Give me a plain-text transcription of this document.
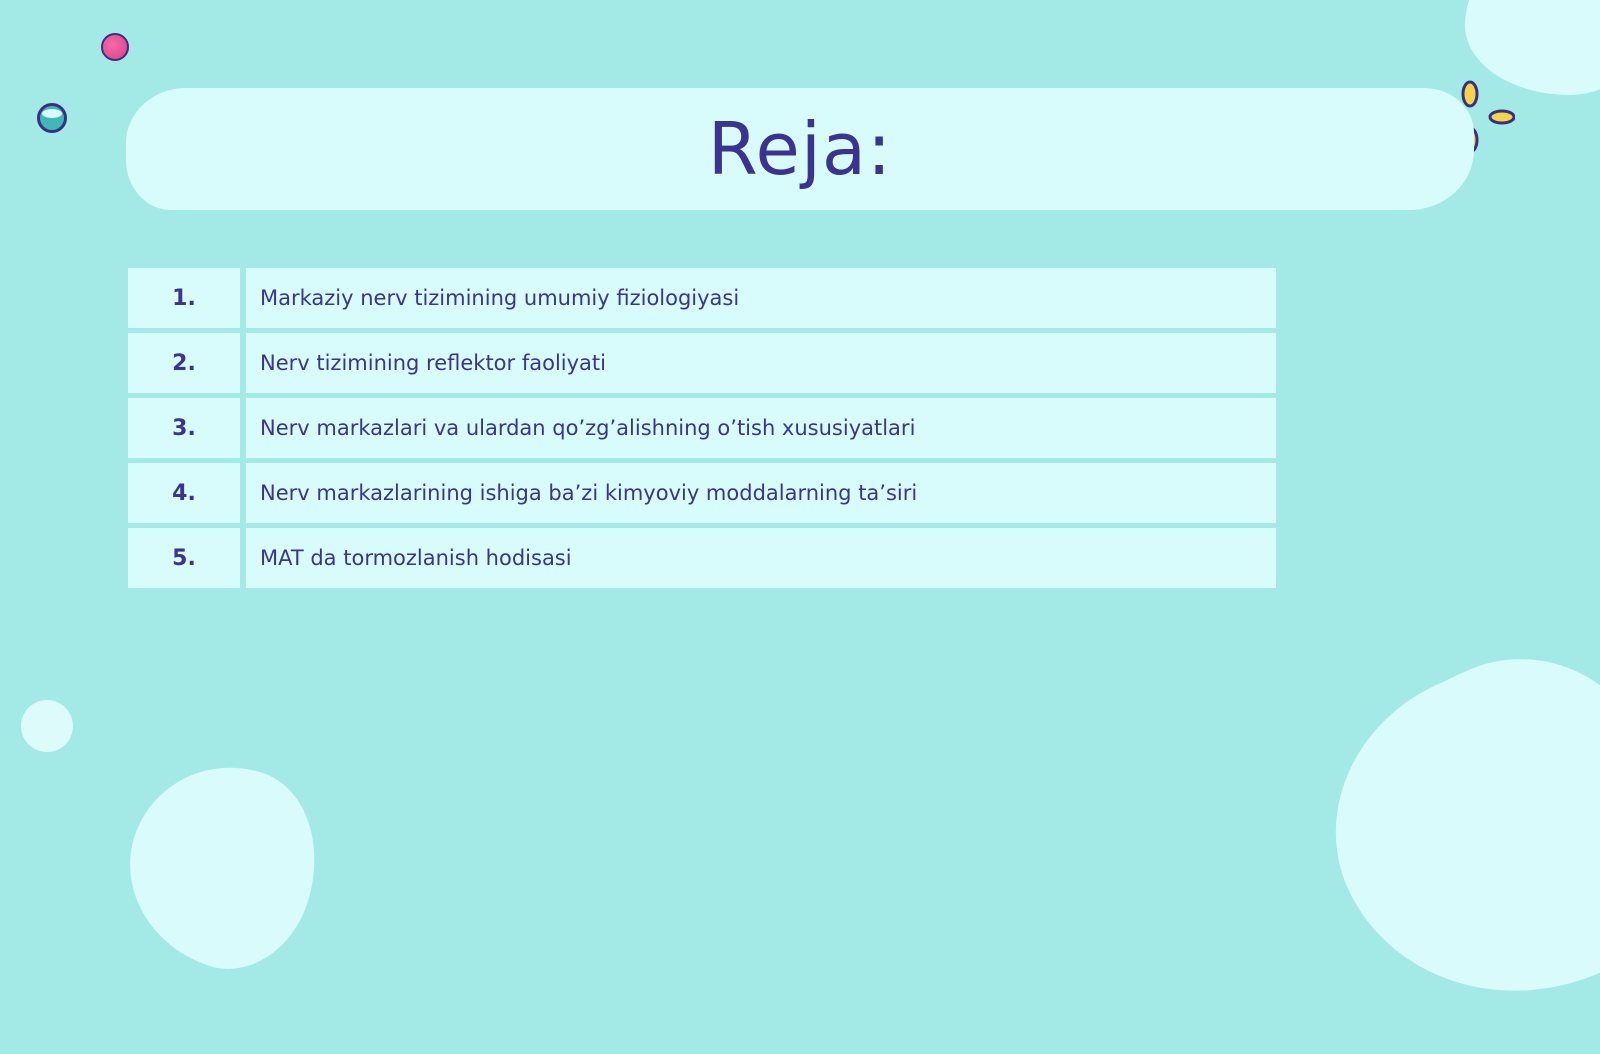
Reja:
1.	Markaziy nerv tizimining umumiy fiziologiyasi
2.	Nerv tizimining reflektor faoliyati
3.	Nerv markazlari va ulardan qo’zg’alishning o’tish xususiyatlari
4.	Nerv markazlarining ishiga ba’zi kimyoviy moddalarning ta’siri
5.	MAT da tormozlanish hodisasi
